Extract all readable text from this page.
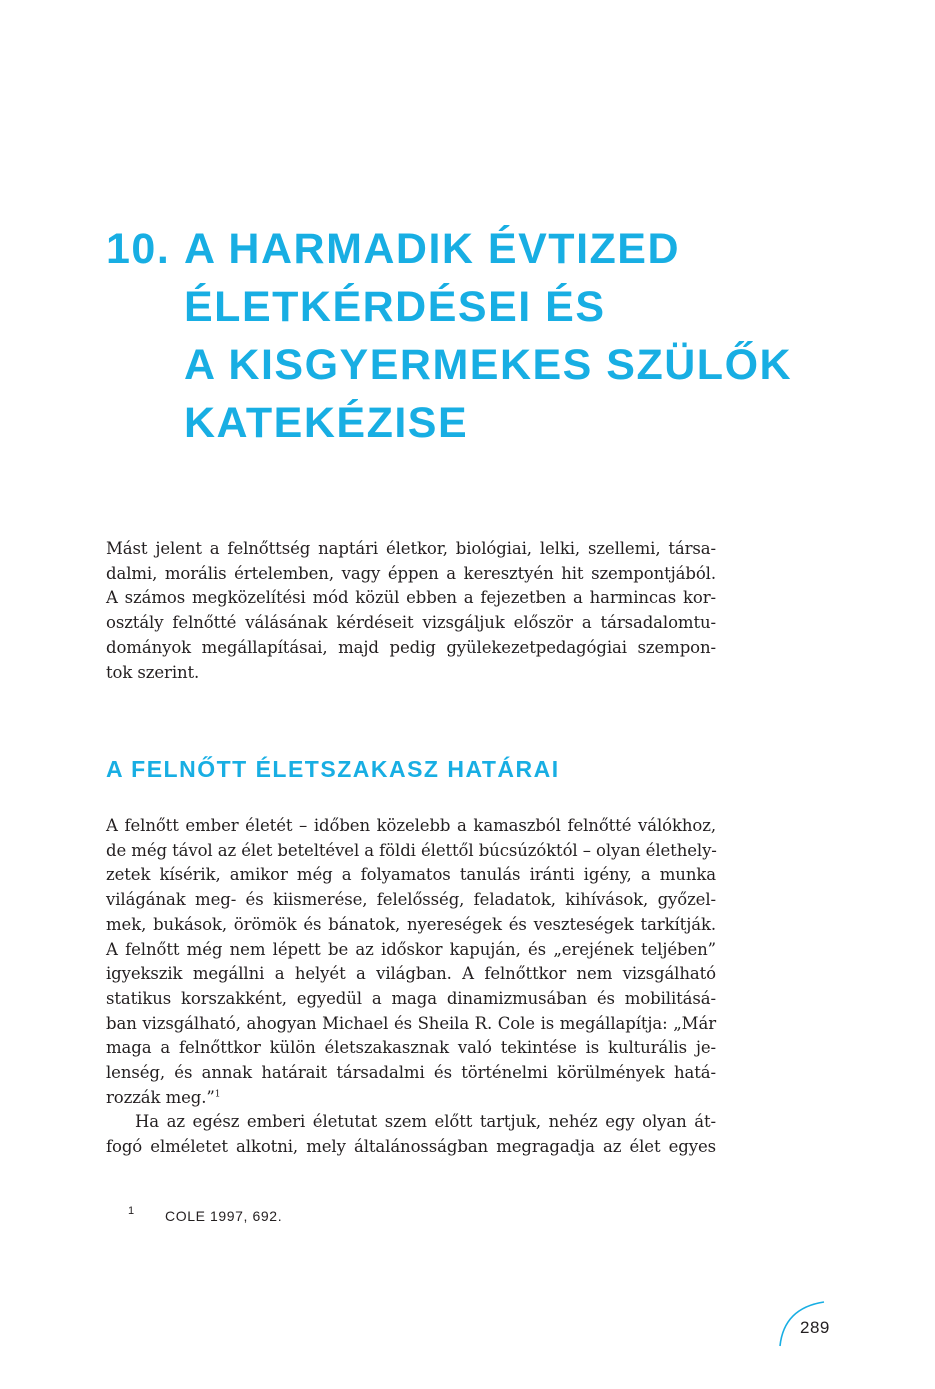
10. A HARMADIK ÉVTIZED
ÉLETKÉRDÉSEI ÉS
A KISGYERMEKES SZÜLŐK
KATEKÉZISE
Mást jelent a felnőttség naptári életkor, biológiai, lelki, szellemi, társa-
dalmi, morális értelemben, vagy éppen a keresztyén hit szempontjából.
A számos megközelítési mód közül ebben a fejezetben a harmincas kor-
osztály felnőtté válásának kérdéseit vizsgáljuk először a társadalomtu-
dományok megállapításai, majd pedig gyülekezetpedagógiai szempon-
tok szerint.
A FELNŐTT ÉLETSZAKASZ HATÁRAI
A felnőtt ember életét – időben közelebb a kamaszból felnőtté válókhoz,
de még távol az élet beteltével a földi élettől búcsúzóktól – olyan élethely-
zetek kísérik, amikor még a folyamatos tanulás iránti igény, a munka
világának meg- és kiismerése, felelősség, feladatok, kihívások, győzel-
mek, bukások, örömök és bánatok, nyereségek és veszteségek tarkítják.
A felnőtt még nem lépett be az időskor kapuján, és „erejének teljében”
igyekszik megállni a helyét a világban. A felnőttkor nem vizsgálható
statikus korszakként, egyedül a maga dinamizmusában és mobilitásá-
ban vizsgálható, ahogyan Michael és Sheila R. Cole is megállapítja: „Már
maga a felnőttkor külön életszakasznak való tekintése is kulturális je-
lenség, és annak határait társadalmi és történelmi körülmények hatá-
rozzák meg.”$^1$
Ha az egész emberi életutat szem előtt tartjuk, nehéz egy olyan át-
fogó elméletet alkotni, mely általánosságban megragadja az élet egyes
1 COLE 1997, 692.
289
